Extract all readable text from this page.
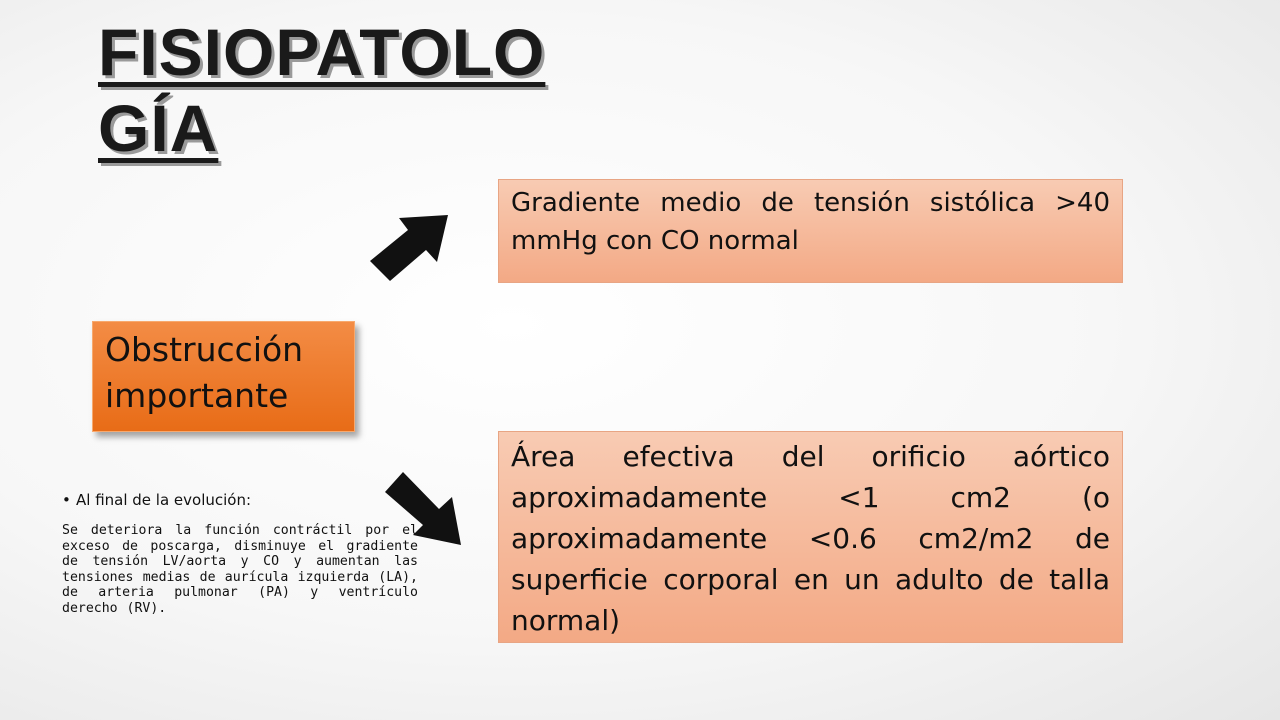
FISIOPATOLOGÍA
Gradiente medio de tensión sistólica >40 mmHg con CO normal
Obstrucción importante
Área efectiva del orificio aórtico aproximadamente <1 cm2 (o aproximadamente <0.6 cm2/m2 de superficie corporal en un adulto de talla normal)
• Al final de la evolución:

Se deteriora la función contráctil por el exceso de poscarga, disminuye el gradiente de tensión LV/aorta y CO y aumentan las tensiones medias de aurícula izquierda (LA), de arteria pulmonar (PA) y ventrículo derecho (RV).
